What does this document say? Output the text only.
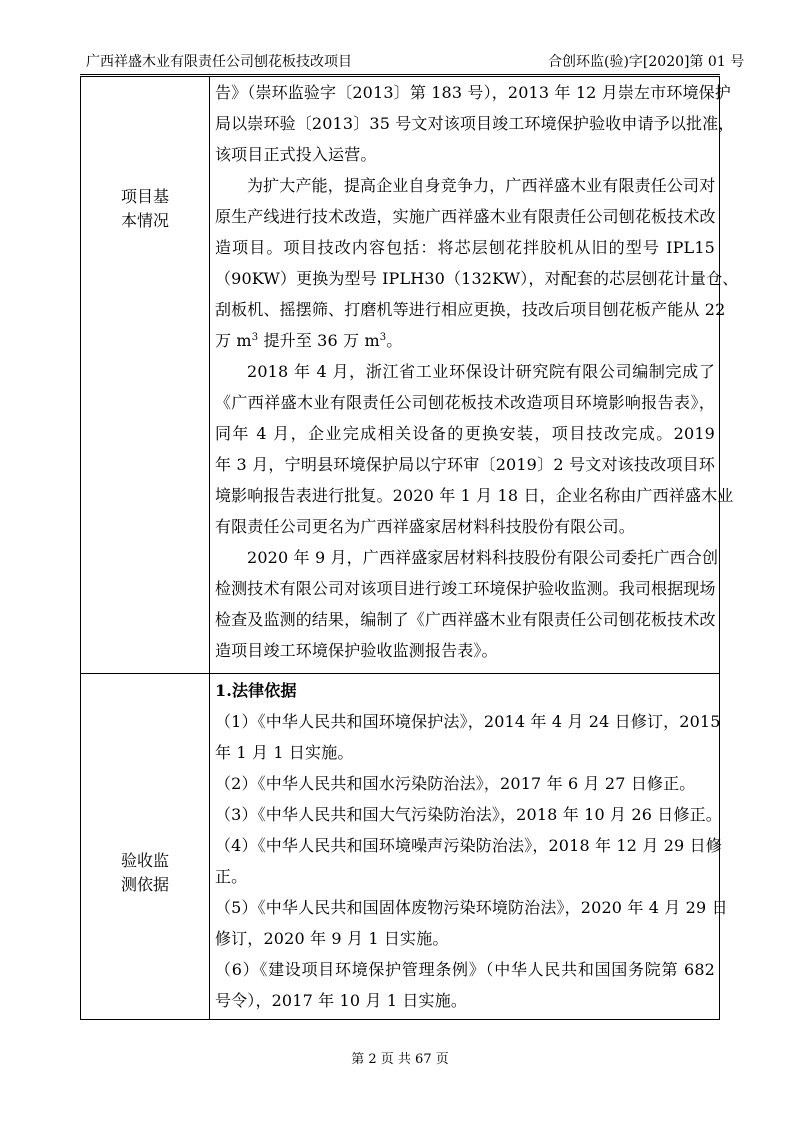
广西祥盛木业有限责任公司刨花板技改项目	合创环监(验)字[2020]第 01 号
项目基
本情况
告》（崇环监验字〔2013〕第 183 号），2013 年 12 月崇左市环境保护
局以崇环验〔2013〕35 号文对该项目竣工环境保护验收申请予以批准，
该项目正式投入运营。
为扩大产能，提高企业自身竞争力，广西祥盛木业有限责任公司对
原生产线进行技术改造，实施广西祥盛木业有限责任公司刨花板技术改
造项目。项目技改内容包括：将芯层刨花拌胶机从旧的型号 IPL15
（90KW）更换为型号 IPLH30（132KW），对配套的芯层刨花计量仓、
刮板机、摇摆筛、打磨机等进行相应更换，技改后项目刨花板产能从 22
万 $m^3$ 提升至 36 万 $m^3$。
2018 年 4 月，浙江省工业环保设计研究院有限公司编制完成了
《广西祥盛木业有限责任公司刨花板技术改造项目环境影响报告表》，
同年 4 月，企业完成相关设备的更换安装，项目技改完成。2019
年 3 月，宁明县环境保护局以宁环审〔2019〕2 号文对该技改项目环
境影响报告表进行批复。2020 年 1 月 18 日，企业名称由广西祥盛木业
有限责任公司更名为广西祥盛家居材料科技股份有限公司。
2020 年 9 月，广西祥盛家居材料科技股份有限公司委托广西合创
检测技术有限公司对该项目进行竣工环境保护验收监测。我司根据现场
检查及监测的结果，编制了《广西祥盛木业有限责任公司刨花板技术改
造项目竣工环境保护验收监测报告表》。
验收监
测依据
1.法律依据
（1）《中华人民共和国环境保护法》，2014 年 4 月 24 日修订，2015
年 1 月 1 日实施。
（2）《中华人民共和国水污染防治法》，2017 年 6 月 27 日修正。
（3）《中华人民共和国大气污染防治法》，2018 年 10 月 26 日修正。
（4）《中华人民共和国环境噪声污染防治法》，2018 年 12 月 29 日修
正。
（5）《中华人民共和国固体废物污染环境防治法》，2020 年 4 月 29 日
修订，2020 年 9 月 1 日实施。
（6）《建设项目环境保护管理条例》（中华人民共和国国务院第 682
号令），2017 年 10 月 1 日实施。
第 2 页 共 67 页
